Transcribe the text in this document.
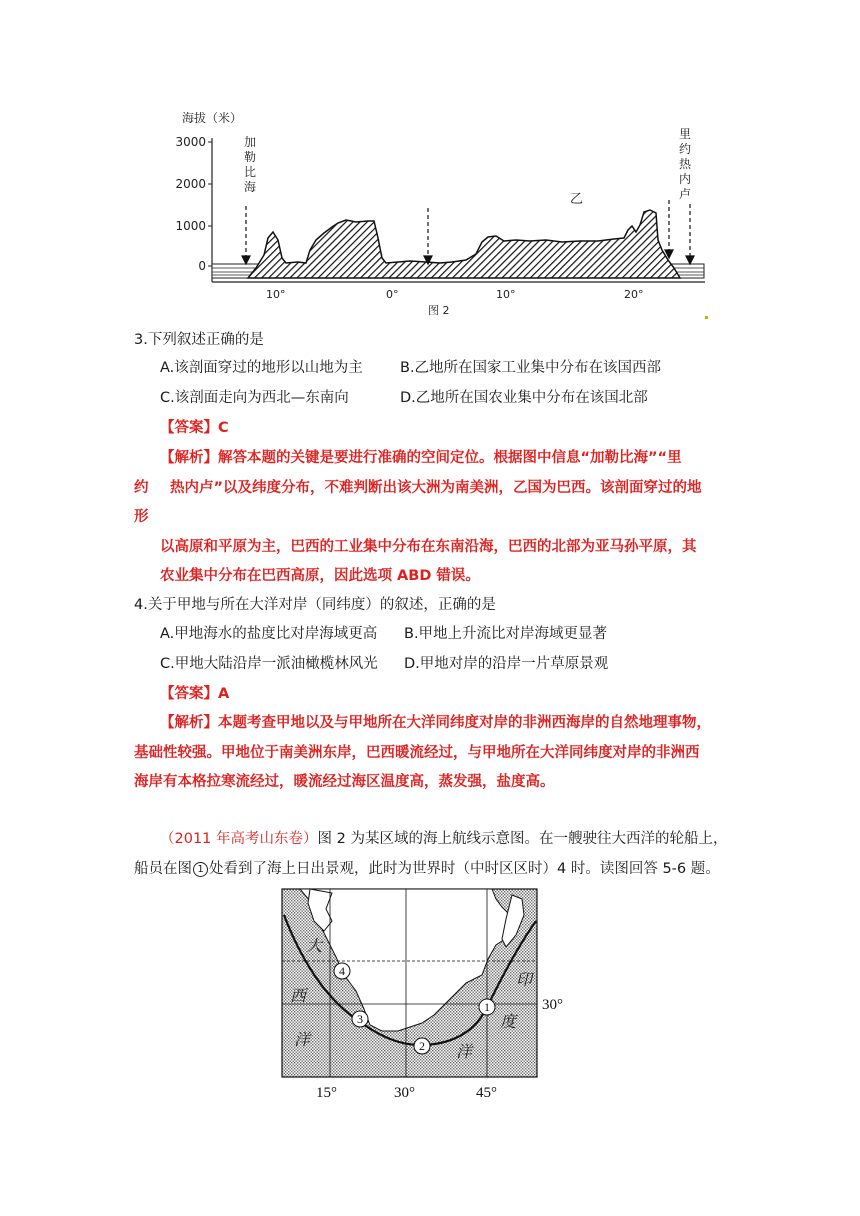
海拔（米）
3000
2000
1000
0
加
勒
比
海
里
约
热
内
卢
乙
10°	0°	10°	20°
图 2
3.下列叙述正确的是
A.该剖面穿过的地形以山地为主	B.乙地所在国家工业集中分布在该国西部
C.该剖面走向为西北—东南向	D.乙地所在国农业集中分布在该国北部
【答案】C
【解析】解答本题的关键是要进行准确的空间定位。根据图中信息“加勒比海”“里
约 热内卢”以及纬度分布，不难判断出该大洲为南美洲，乙国为巴西。该剖面穿过的地
形
以高原和平原为主，巴西的工业集中分布在东南沿海，巴西的北部为亚马孙平原，其
农业集中分布在巴西高原，因此选项 ABD 错误。
4.关于甲地与所在大洋对岸（同纬度）的叙述，正确的是
A.甲地海水的盐度比对岸海域更高 B.甲地上升流比对岸海域更显著
C.甲地大陆沿岸一派油橄榄林风光 D.甲地对岸的沿岸一片草原景观
【答案】A
【解析】本题考查甲地以及与甲地所在大洋同纬度对岸的非洲西海岸的自然地理事物，
基础性较强。甲地位于南美洲东岸，巴西暖流经过，与甲地所在大洋同纬度对岸的非洲西
海岸有本格拉寒流经过，暖流经过海区温度高，蒸发强，盐度高。
（2011 年高考山东卷）图 2 为某区域的海上航线示意图。在一艘驶往大西洋的轮船上，
船员在图 1 处看到了海上日出景观，此时为世界时（中时区区时）4 时。读图回答 5-6 题。
1
2
3
4
大
西
洋
印
度
洋
30°
15°	30°	45°
